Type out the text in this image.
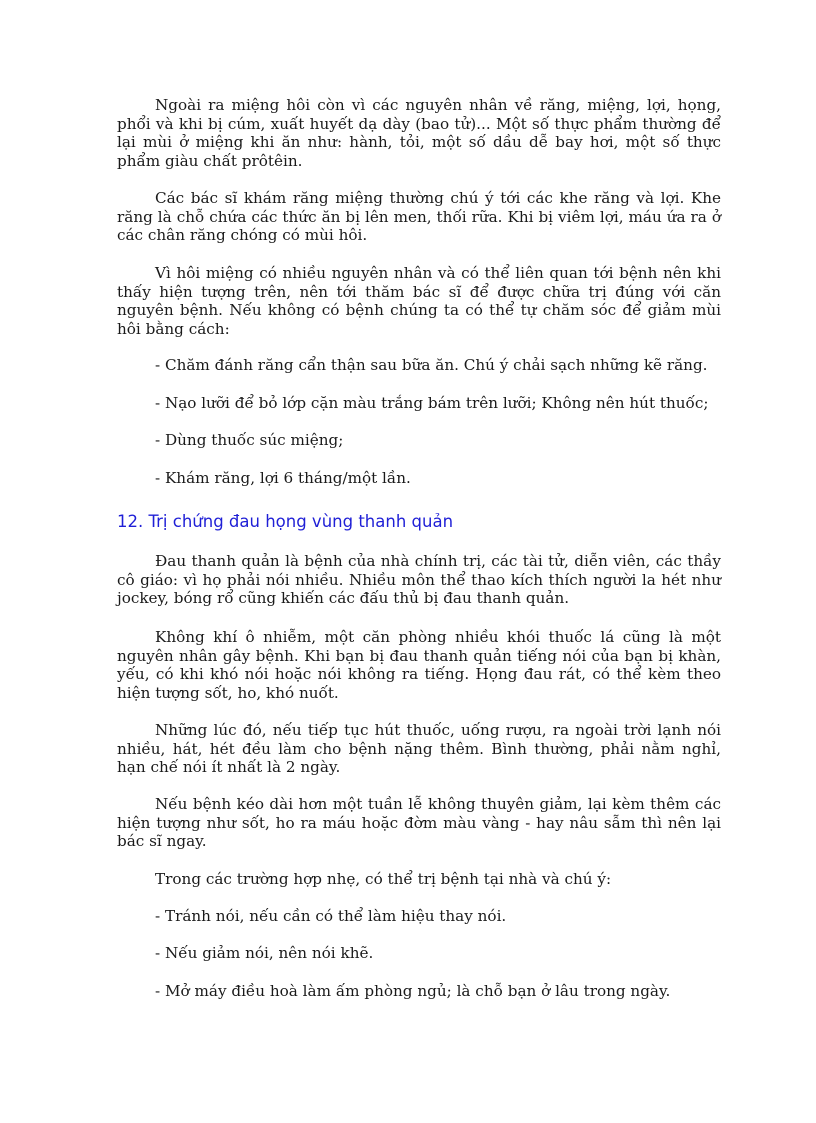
Ngoài ra miệng hôi còn vì các nguyên nhân về răng, miệng, lợi, họng, phổi và khi bị cúm, xuất huyết dạ dày (bao tử)... Một số thực phẩm thường để lại mùi ở miệng khi ăn như: hành, tỏi, một số dầu dễ bay hơi, một số thực phẩm giàu chất prôtêin.

Các bác sĩ khám răng miệng thường chú ý tới các khe răng và lợi. Khe răng là chỗ chứa các thức ăn bị lên men, thối rữa. Khi bị viêm lợi, máu ứa ra ở các chân răng chóng có mùi hôi.

Vì hôi miệng có nhiều nguyên nhân và có thể liên quan tới bệnh nên khi thấy hiện tượng trên, nên tới thăm bác sĩ để được chữa trị đúng với căn nguyên bệnh. Nếu không có bệnh chúng ta có thể tự chăm sóc để giảm mùi hôi bằng cách:

- Chăm đánh răng cẩn thận sau bữa ăn. Chú ý chải sạch những kẽ răng.

- Nạo lưỡi để bỏ lớp cặn màu trắng bám trên lưỡi; Không nên hút thuốc;

- Dùng thuốc súc miệng;

- Khám răng, lợi 6 tháng/một lần.

12. Trị chứng đau họng vùng thanh quản

Đau thanh quản là bệnh của nhà chính trị, các tài tử, diễn viên, các thầy cô giáo: vì họ phải nói nhiều. Nhiều môn thể thao kích thích người la hét như jockey, bóng rổ cũng khiến các đấu thủ bị đau thanh quản.

Không khí ô nhiễm, một căn phòng nhiều khói thuốc lá cũng là một nguyên nhân gây bệnh. Khi bạn bị đau thanh quản tiếng nói của bạn bị khàn, yếu, có khi khó nói hoặc nói không ra tiếng. Họng đau rát, có thể kèm theo hiện tượng sốt, ho, khó nuốt.

Những lúc đó, nếu tiếp tục hút thuốc, uống rượu, ra ngoài trời lạnh nói nhiều, hát, hét đều làm cho bệnh nặng thêm. Bình thường, phải nằm nghỉ, hạn chế nói ít nhất là 2 ngày.

Nếu bệnh kéo dài hơn một tuần lễ không thuyên giảm, lại kèm thêm các hiện tượng như sốt, ho ra máu hoặc đờm màu vàng - hay nâu sẫm thì nên lại bác sĩ ngay.

Trong các trường hợp nhẹ, có thể trị bệnh tại nhà và chú ý:

- Tránh nói, nếu cần có thể làm hiệu thay nói.

- Nếu giảm nói, nên nói khẽ.

- Mở máy điều hoà làm ấm phòng ngủ; là chỗ bạn ở lâu trong ngày.
